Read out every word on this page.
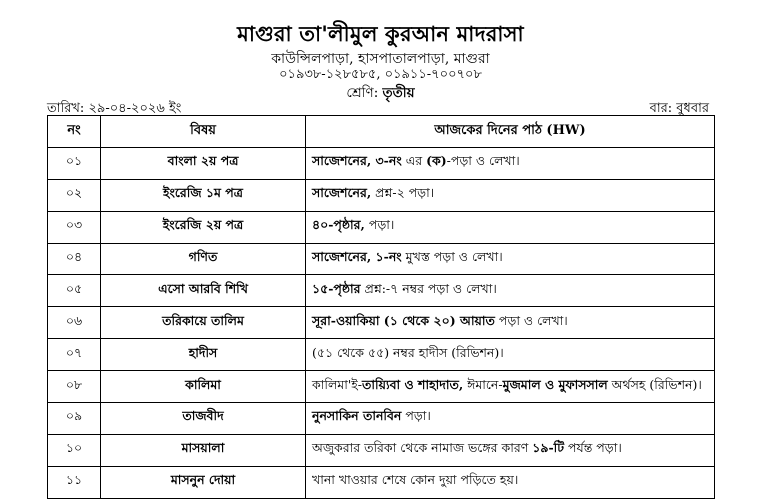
মাগুরা তা'লীমুল কুরআন মাদরাসা
কাউন্সিলপাড়া, হাসপাতালপাড়া, মাগুরা
০১৯৩৮-১২৮৫৮৫, ০১৯১১-৭০০৭০৮
শ্রেণি: তৃতীয়
তারিখ: ২৯-০৪-২০২৬ ইং	বার: বুধবার
নং	বিষয়	আজকের দিনের পাঠ (HW)
০১	বাংলা ২য় পত্র	সাজেশনের, ৩-নং এর (ক)-পড়া ও লেখা।
০২	ইংরেজি ১ম পত্র	সাজেশনের, প্রশ্ন-২ পড়া।
০৩	ইংরেজি ২য় পত্র	৪০-পৃষ্ঠার, পড়া।
০৪	গণিত	সাজেশনের, ১-নং মুখস্ত পড়া ও লেখা।
০৫	এসো আরবি শিখি	১৫-পৃষ্ঠার প্রশ্ন:-৭ নম্বর পড়া ও লেখা।
০৬	তরিকায়ে তালিম	সূরা-ওয়াকিয়া (১ থেকে ২০) আয়াত পড়া ও লেখা।
০৭	হাদীস	(৫১ থেকে ৫৫) নম্বর হাদীস (রিভিশন)।
০৮	কালিমা	কালিমা'ই-তায়্যিবা ও শাহাদাত, ঈমানে-মুজমাল ও মুফাসসাল অর্থসহ (রিভিশন)।
০৯	তাজবীদ	নুনসাকিন তানবিন পড়া।
১০	মাসয়ালা	অজুকরার তরিকা থেকে নামাজ ভঙ্গের কারণ ১৯-টি পর্যন্ত পড়া।
১১	মাসনুন দোয়া	খানা খাওয়ার শেষে কোন দুয়া পড়িতে হয়।
